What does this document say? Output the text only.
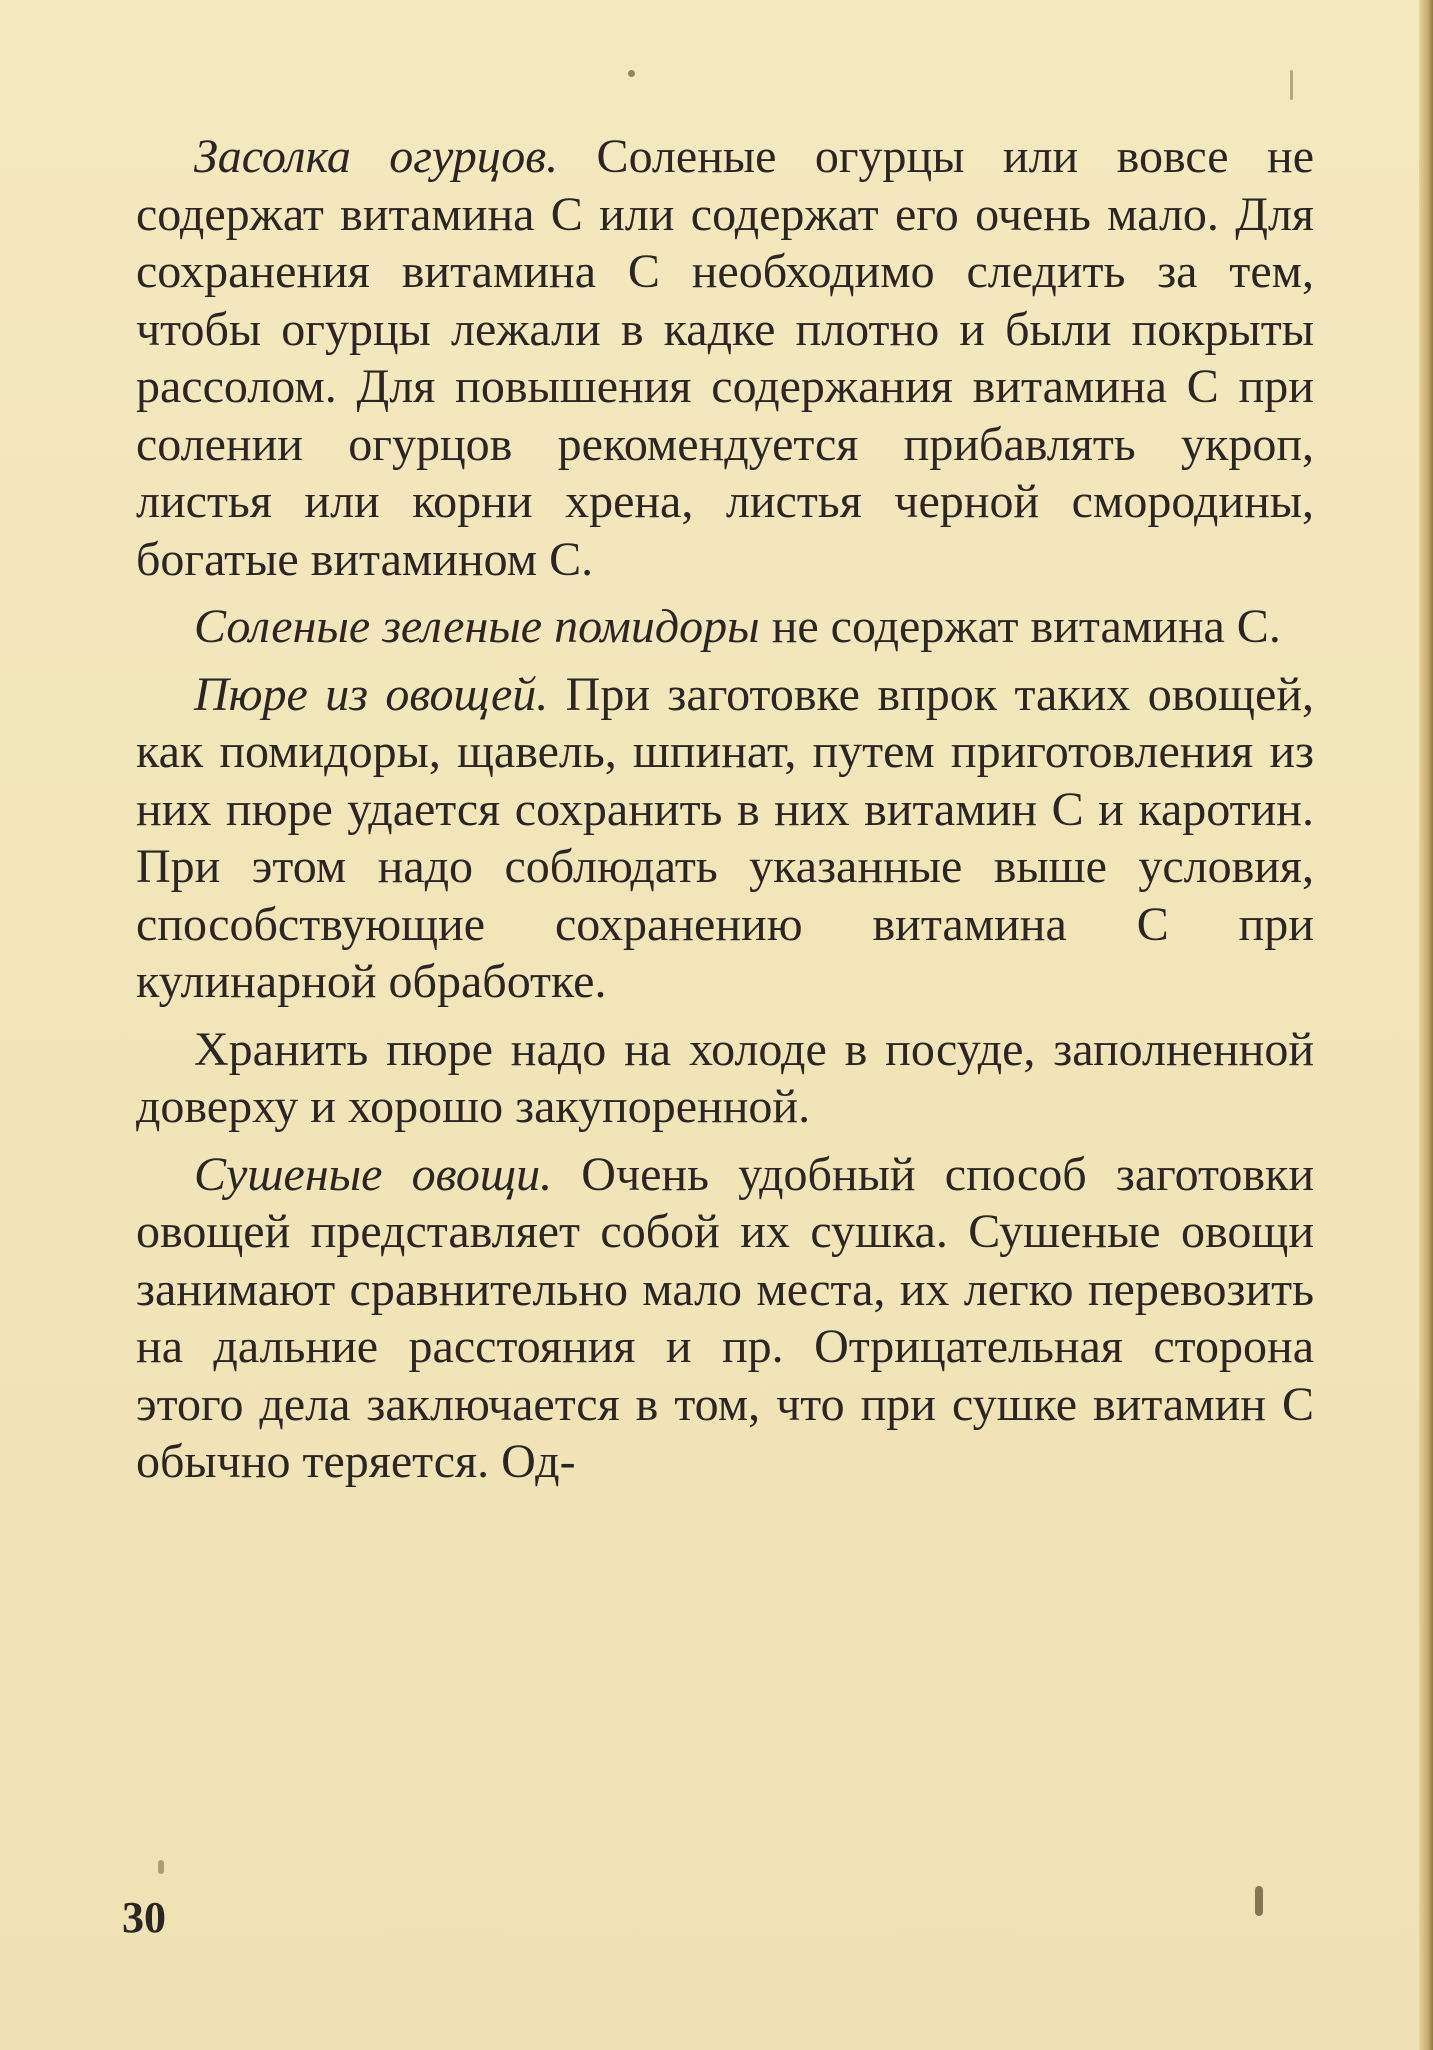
Засолка огурцов. Соленые огурцы или вовсе не содержат витамина С или содержат его очень мало. Для сохранения витамина С необходимо следить за тем, чтобы огурцы лежали в кадке плотно и были покрыты рассолом. Для повышения содержания витамина С при солении огурцов рекомендуется прибавлять укроп, листья или корни хрена, листья черной смородины, богатые витамином С.

Соленые зеленые помидоры не содержат витамина С.

Пюре из овощей. При заготовке впрок таких овощей, как помидоры, щавель, шпинат, путем приготовления из них пюре удается сохранить в них витамин С и каротин. При этом надо соблюдать указанные выше условия, способствующие сохранению витамина С при кулинарной обработке.

Хранить пюре надо на холоде в посуде, заполненной доверху и хорошо закупоренной.

Сушеные овощи. Очень удобный способ заготовки овощей представляет собой их сушка. Сушеные овощи занимают сравнительно мало места, их легко перевозить на дальние расстояния и пр. Отрицательная сторона этого дела заключается в том, что при сушке витамин С обычно теряется. Од-

30
